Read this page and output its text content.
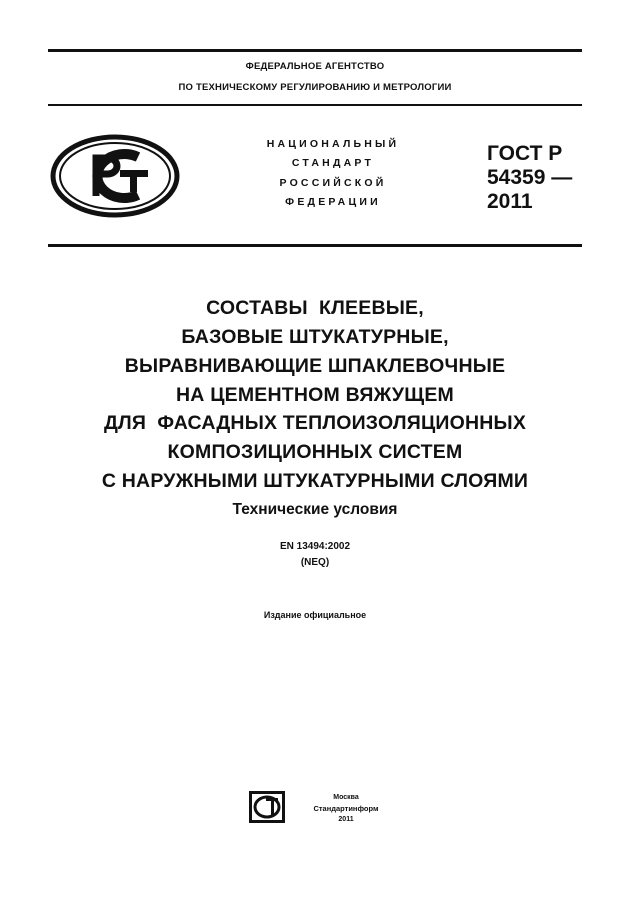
ФЕДЕРАЛЬНОЕ АГЕНТСТВО
ПО ТЕХНИЧЕСКОМУ РЕГУЛИРОВАНИЮ И МЕТРОЛОГИИ
НАЦИОНАЛЬНЫЙ
СТАНДАРТ
РОССИЙСКОЙ
ФЕДЕРАЦИИ
ГОСТ Р
54359 —
2011
СОСТАВЫ  КЛЕЕВЫЕ,
БАЗОВЫЕ ШТУКАТУРНЫЕ,
ВЫРАВНИВАЮЩИЕ ШПАКЛЕВОЧНЫЕ
НА ЦЕМЕНТНОМ ВЯЖУЩЕМ
ДЛЯ  ФАСАДНЫХ ТЕПЛОИЗОЛЯЦИОННЫХ
КОМПОЗИЦИОННЫХ СИСТЕМ
С НАРУЖНЫМИ ШТУКАТУРНЫМИ СЛОЯМИ
Технические условия
EN 13494:2002
(NEQ)
Издание официальное
Москва
Стандартинформ
2011
